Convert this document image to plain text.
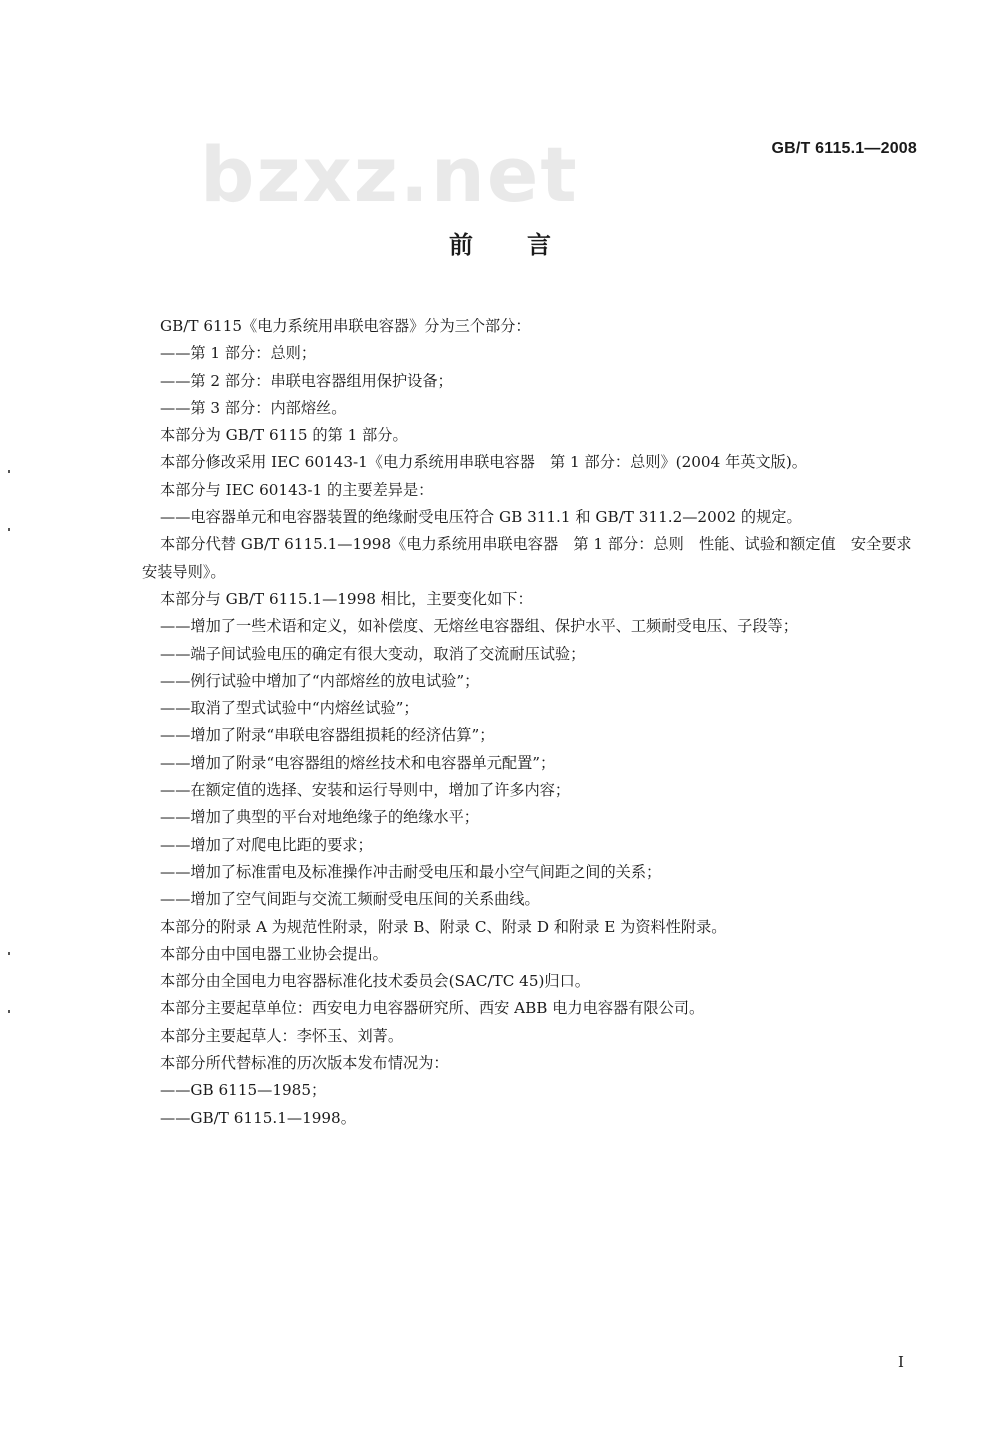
bzxz.net	GB/T 6115.1—2008
前言
GB/T 6115《电力系统用串联电容器》分为三个部分：
——第 1 部分：总则；
——第 2 部分：串联电容器组用保护设备；
——第 3 部分：内部熔丝。
本部分为 GB/T 6115 的第 1 部分。
本部分修改采用 IEC 60143-1《电力系统用串联电容器　第 1 部分：总则》(2004 年英文版)。
本部分与 IEC 60143-1 的主要差异是：
——电容器单元和电容器装置的绝缘耐受电压符合 GB 311.1 和 GB/T 311.2—2002 的规定。
本部分代替 GB/T 6115.1—1998《电力系统用串联电容器　第 1 部分：总则　性能、试验和额定值　安全要求　安装导则》。
本部分与 GB/T 6115.1—1998 相比，主要变化如下：
——增加了一些术语和定义，如补偿度、无熔丝电容器组、保护水平、工频耐受电压、子段等；
——端子间试验电压的确定有很大变动，取消了交流耐压试验；
——例行试验中增加了“内部熔丝的放电试验”；
——取消了型式试验中“内熔丝试验”；
——增加了附录“串联电容器组损耗的经济估算”；
——增加了附录“电容器组的熔丝技术和电容器单元配置”；
——在额定值的选择、安装和运行导则中，增加了许多内容；
——增加了典型的平台对地绝缘子的绝缘水平；
——增加了对爬电比距的要求；
——增加了标准雷电及标准操作冲击耐受电压和最小空气间距之间的关系；
——增加了空气间距与交流工频耐受电压间的关系曲线。
本部分的附录 A 为规范性附录，附录 B、附录 C、附录 D 和附录 E 为资料性附录。
本部分由中国电器工业协会提出。
本部分由全国电力电容器标准化技术委员会(SAC/TC 45)归口。
本部分主要起草单位：西安电力电容器研究所、西安 ABB 电力电容器有限公司。
本部分主要起草人：李怀玉、刘菁。
本部分所代替标准的历次版本发布情况为：
——GB 6115—1985；
——GB/T 6115.1—1998。
I
